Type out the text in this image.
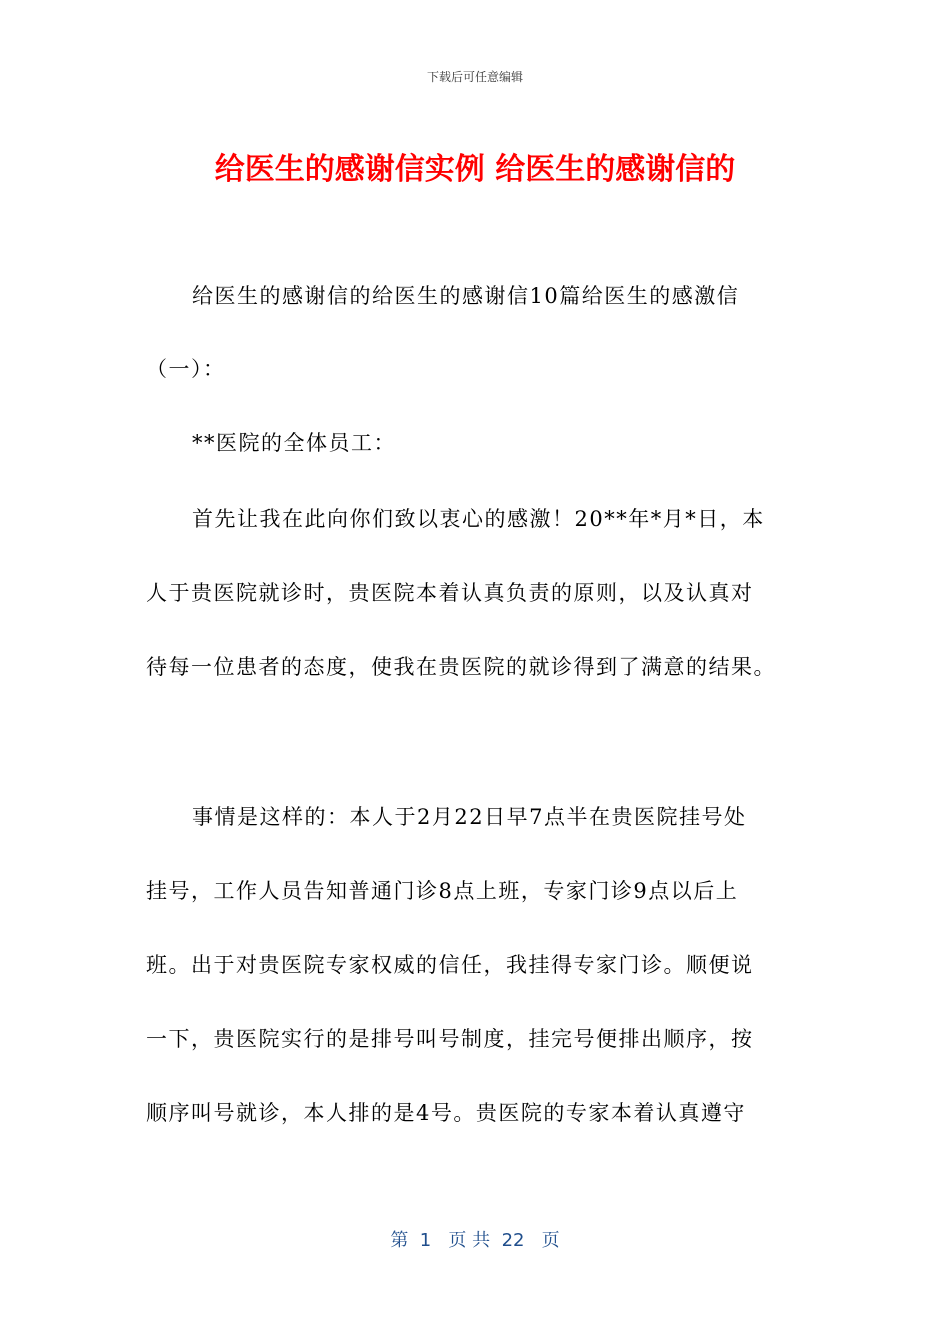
下载后可任意编辑
给医生的感谢信实例 给医生的感谢信的
给医生的感谢信的给医生的感谢信10篇给医生的感激信
（一）：
**医院的全体员工：
首先让我在此向你们致以衷心的感激！20**年*月*日，本
人于贵医院就诊时，贵医院本着认真负责的原则，以及认真对
待每一位患者的态度，使我在贵医院的就诊得到了满意的结果。
事情是这样的：本人于2月22日早7点半在贵医院挂号处
挂号，工作人员告知普通门诊8点上班，专家门诊9点以后上
班。出于对贵医院专家权威的信任，我挂得专家门诊。顺便说
一下，贵医院实行的是排号叫号制度，挂完号便排出顺序，按
顺序叫号就诊，本人排的是4号。贵医院的专家本着认真遵守
第  1   页 共  22   页
